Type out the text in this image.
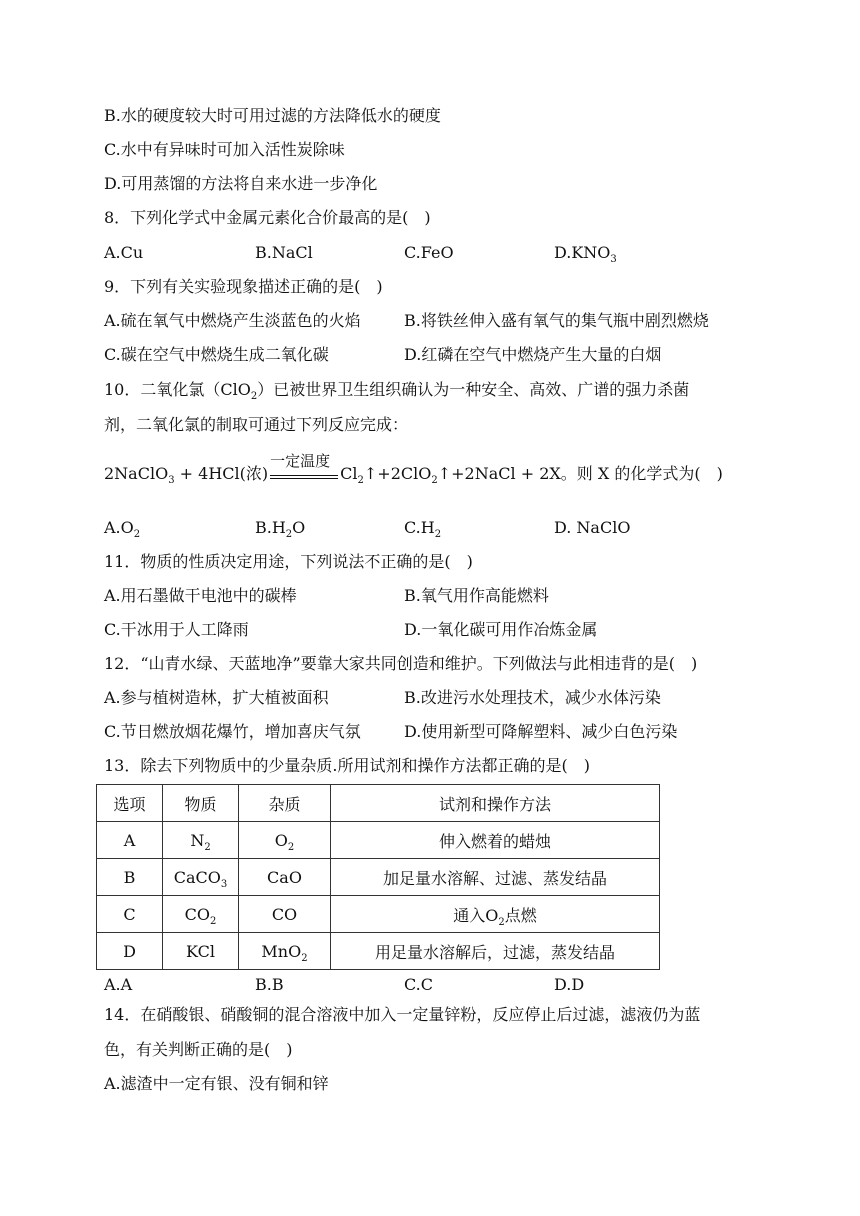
B.水的硬度较大时可用过滤的方法降低水的硬度
C.水中有异味时可加入活性炭除味
D.可用蒸馏的方法将自来水进一步净化
8．下列化学式中金属元素化合价最高的是(　)
A.Cu	B.NaCl	C.FeO	$D.KNO_3$
9．下列有关实验现象描述正确的是(　)
A.硫在氧气中燃烧产生淡蓝色的火焰	B.将铁丝伸入盛有氧气的集气瓶中剧烈燃烧
C.碳在空气中燃烧生成二氧化碳	D.红磷在空气中燃烧产生大量的白烟
10．二氧化氯（ClO$_2$）已被世界卫生组织确认为一种安全、高效、广谱的强力杀菌
剂，二氧化氯的制取可通过下列反应完成：
2NaClO$_3$ + 4HCl(浓)
一定温度
$Cl_2↑+2ClO_2↑+2NaCl + 2X$。则 X 的化学式为(　)
$A.O_2$	$B.H_2O$	$C.H_2$	D. NaClO
11．物质的性质决定用途，下列说法不正确的是(　)
A.用石墨做干电池中的碳棒	B.氧气用作高能燃料
C.干冰用于人工降雨	D.一氧化碳可用作冶炼金属
12．“山青水绿、天蓝地净”要靠大家共同创造和维护。下列做法与此相违背的是(　)
A.参与植树造林，扩大植被面积	B.改进污水处理技术，减少水体污染
C.节日燃放烟花爆竹，增加喜庆气氛	D.使用新型可降解塑料、减少白色污染
13．除去下列物质中的少量杂质.所用试剂和操作方法都正确的是(　)
选项	物质	杂质	试剂和操作方法
A	$N_2$	$O_2$	伸入燃着的蜡烛
B	CaCO$_3$	CaO	加足量水溶解、过滤、蒸发结晶
C	$CO_2$	CO	通入$O_2$点燃
D	KCl	MnO$_2$	用足量水溶解后，过滤，蒸发结晶
A.A	B.B	C.C	D.D
14．在硝酸银、硝酸铜的混合溶液中加入一定量锌粉，反应停止后过滤，滤液仍为蓝
色，有关判断正确的是(　)
A.滤渣中一定有银、没有铜和锌
